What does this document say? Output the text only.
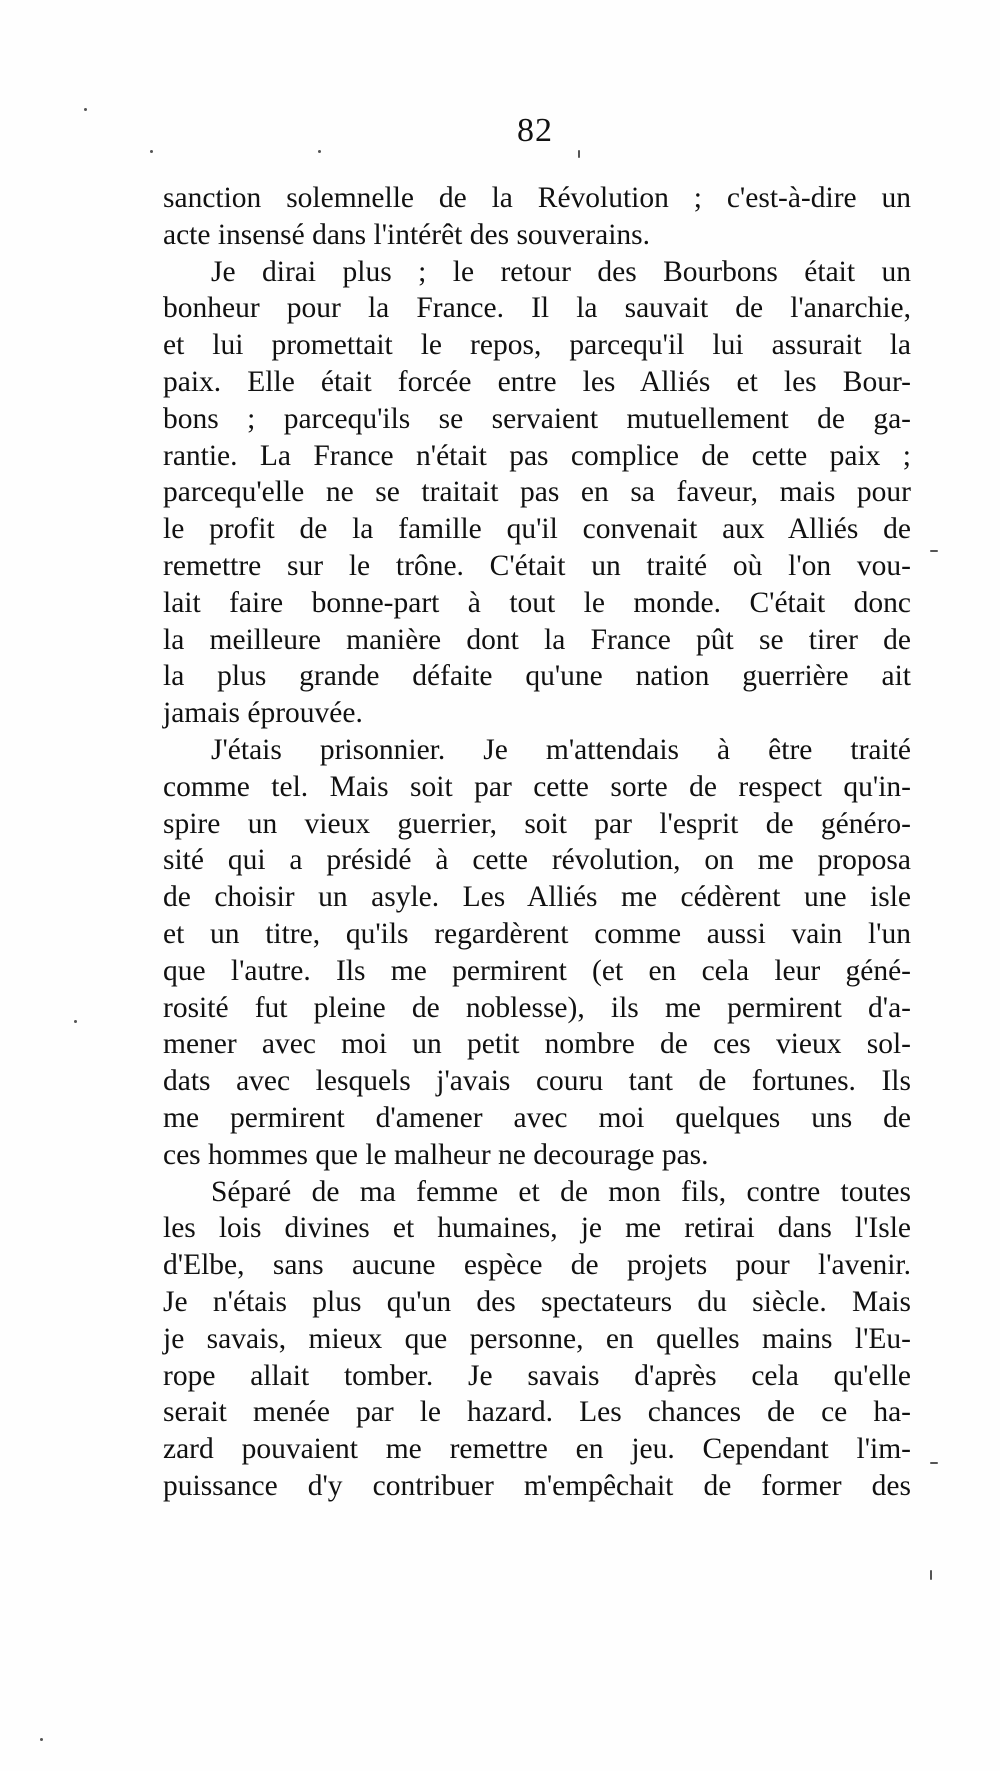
82

sanction solemnelle de la Révolution ; c'est-à-dire un
acte insensé dans l'intérêt des souverains.

Je dirai plus ; le retour des Bourbons était un
bonheur pour la France. Il la sauvait de l'anarchie,
et lui promettait le repos, parcequ'il lui assurait la
paix. Elle était forcée entre les Alliés et les Bour-
bons ; parcequ'ils se servaient mutuellement de ga-
rantie. La France n'était pas complice de cette paix ;
parcequ'elle ne se traitait pas en sa faveur, mais pour
le profit de la famille qu'il convenait aux Alliés de
remettre sur le trône. C'était un traité où l'on vou-
lait faire bonne-part à tout le monde. C'était donc
la meilleure manière dont la France pût se tirer de
la plus grande défaite qu'une nation guerrière ait
jamais éprouvée.

J'étais prisonnier. Je m'attendais à être traité
comme tel. Mais soit par cette sorte de respect qu'in-
spire un vieux guerrier, soit par l'esprit de généro-
sité qui a présidé à cette révolution, on me proposa
de choisir un asyle. Les Alliés me cédèrent une isle
et un titre, qu'ils regardèrent comme aussi vain l'un
que l'autre. Ils me permirent (et en cela leur géné-
rosité fut pleine de noblesse), ils me permirent d'a-
mener avec moi un petit nombre de ces vieux sol-
dats avec lesquels j'avais couru tant de fortunes. Ils
me permirent d'amener avec moi quelques uns de
ces hommes que le malheur ne decourage pas.

Séparé de ma femme et de mon fils, contre toutes
les lois divines et humaines, je me retirai dans l'Isle
d'Elbe, sans aucune espèce de projets pour l'avenir.
Je n'étais plus qu'un des spectateurs du siècle. Mais
je savais, mieux que personne, en quelles mains l'Eu-
rope allait tomber. Je savais d'après cela qu'elle
serait menée par le hazard. Les chances de ce ha-
zard pouvaient me remettre en jeu. Cependant l'im-
puissance d'y contribuer m'empêchait de former des
